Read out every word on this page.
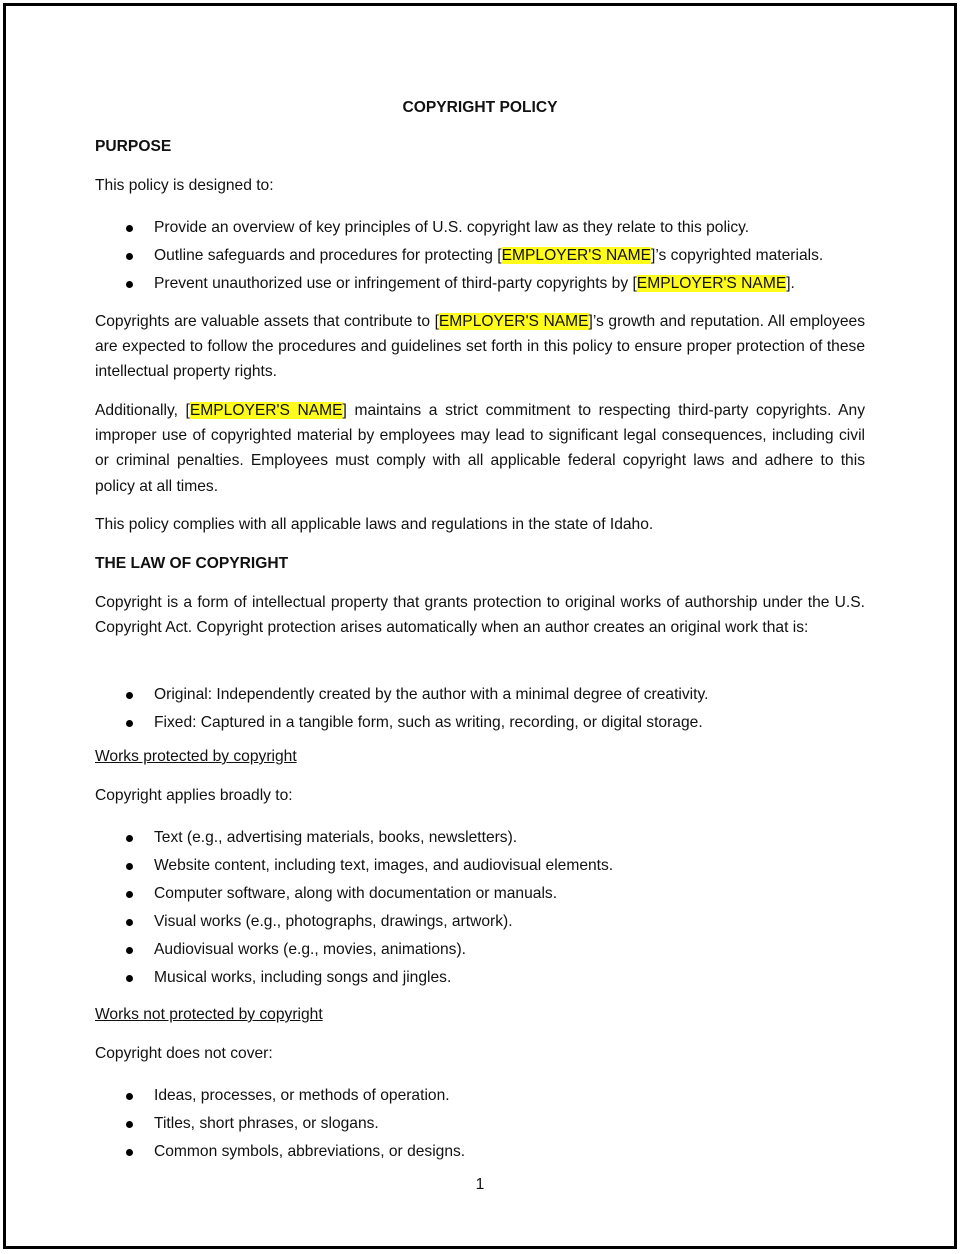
COPYRIGHT POLICY

PURPOSE

This policy is designed to:

Provide an overview of key principles of U.S. copyright law as they relate to this policy.
Outline safeguards and procedures for protecting [EMPLOYER'S NAME]’s copyrighted materials.
Prevent unauthorized use or infringement of third-party copyrights by [EMPLOYER'S NAME].

Copyrights are valuable assets that contribute to [EMPLOYER'S NAME]’s growth and reputation. All employees are expected to follow the procedures and guidelines set forth in this policy to ensure proper protection of these intellectual property rights.

Additionally, [EMPLOYER'S NAME] maintains a strict commitment to respecting third-party copyrights. Any improper use of copyrighted material by employees may lead to significant legal consequences, including civil or criminal penalties. Employees must comply with all applicable federal copyright laws and adhere to this policy at all times.

This policy complies with all applicable laws and regulations in the state of Idaho.

THE LAW OF COPYRIGHT

Copyright is a form of intellectual property that grants protection to original works of authorship under the U.S. Copyright Act. Copyright protection arises automatically when an author creates an original work that is:

Original: Independently created by the author with a minimal degree of creativity.
Fixed: Captured in a tangible form, such as writing, recording, or digital storage.

Works protected by copyright

Copyright applies broadly to:

Text (e.g., advertising materials, books, newsletters).
Website content, including text, images, and audiovisual elements.
Computer software, along with documentation or manuals.
Visual works (e.g., photographs, drawings, artwork).
Audiovisual works (e.g., movies, animations).
Musical works, including songs and jingles.

Works not protected by copyright

Copyright does not cover:

Ideas, processes, or methods of operation.
Titles, short phrases, or slogans.
Common symbols, abbreviations, or designs.
1
